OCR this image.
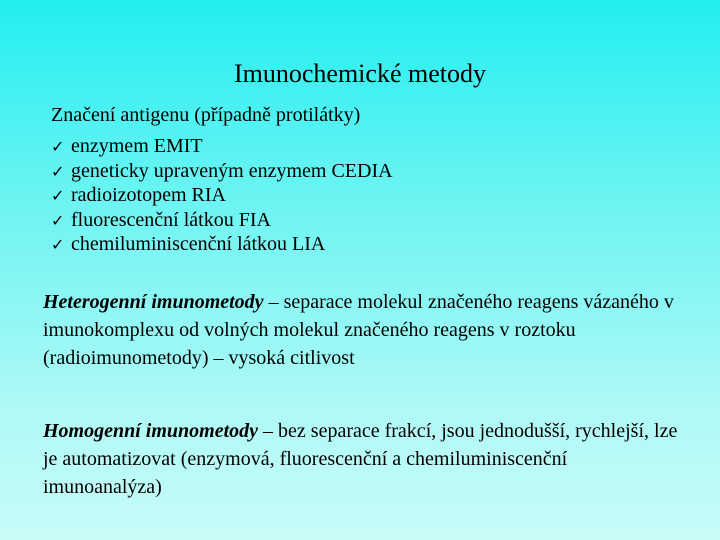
Imunochemické metody
Značení antigenu (případně protilátky)
✓ enzymem EMIT
✓ geneticky upraveným enzymem CEDIA
✓ radioizotopem RIA
✓ fluorescenční látkou FIA
✓ chemiluminiscenční látkou LIA

Heterogenní imunometody – separace molekul značeného reagens vázaného v imunokomplexu od volných molekul značeného reagens v roztoku (radioimunometody) – vysoká citlivost

Homogenní imunometody – bez separace frakcí, jsou jednodušší, rychlejší, lze je automatizovat (enzymová, fluorescenční a chemiluminiscenční imunoanalýza)
